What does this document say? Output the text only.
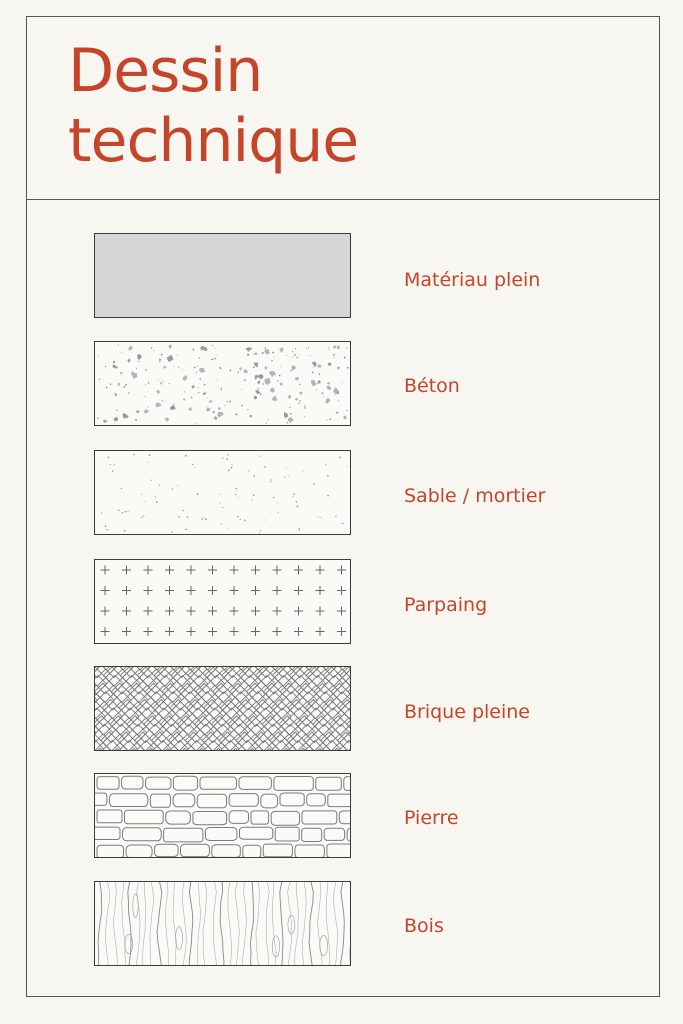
Dessin
technique
Matériau plein
Béton
Sable / mortier
Parpaing
Brique pleine
Pierre
Bois
